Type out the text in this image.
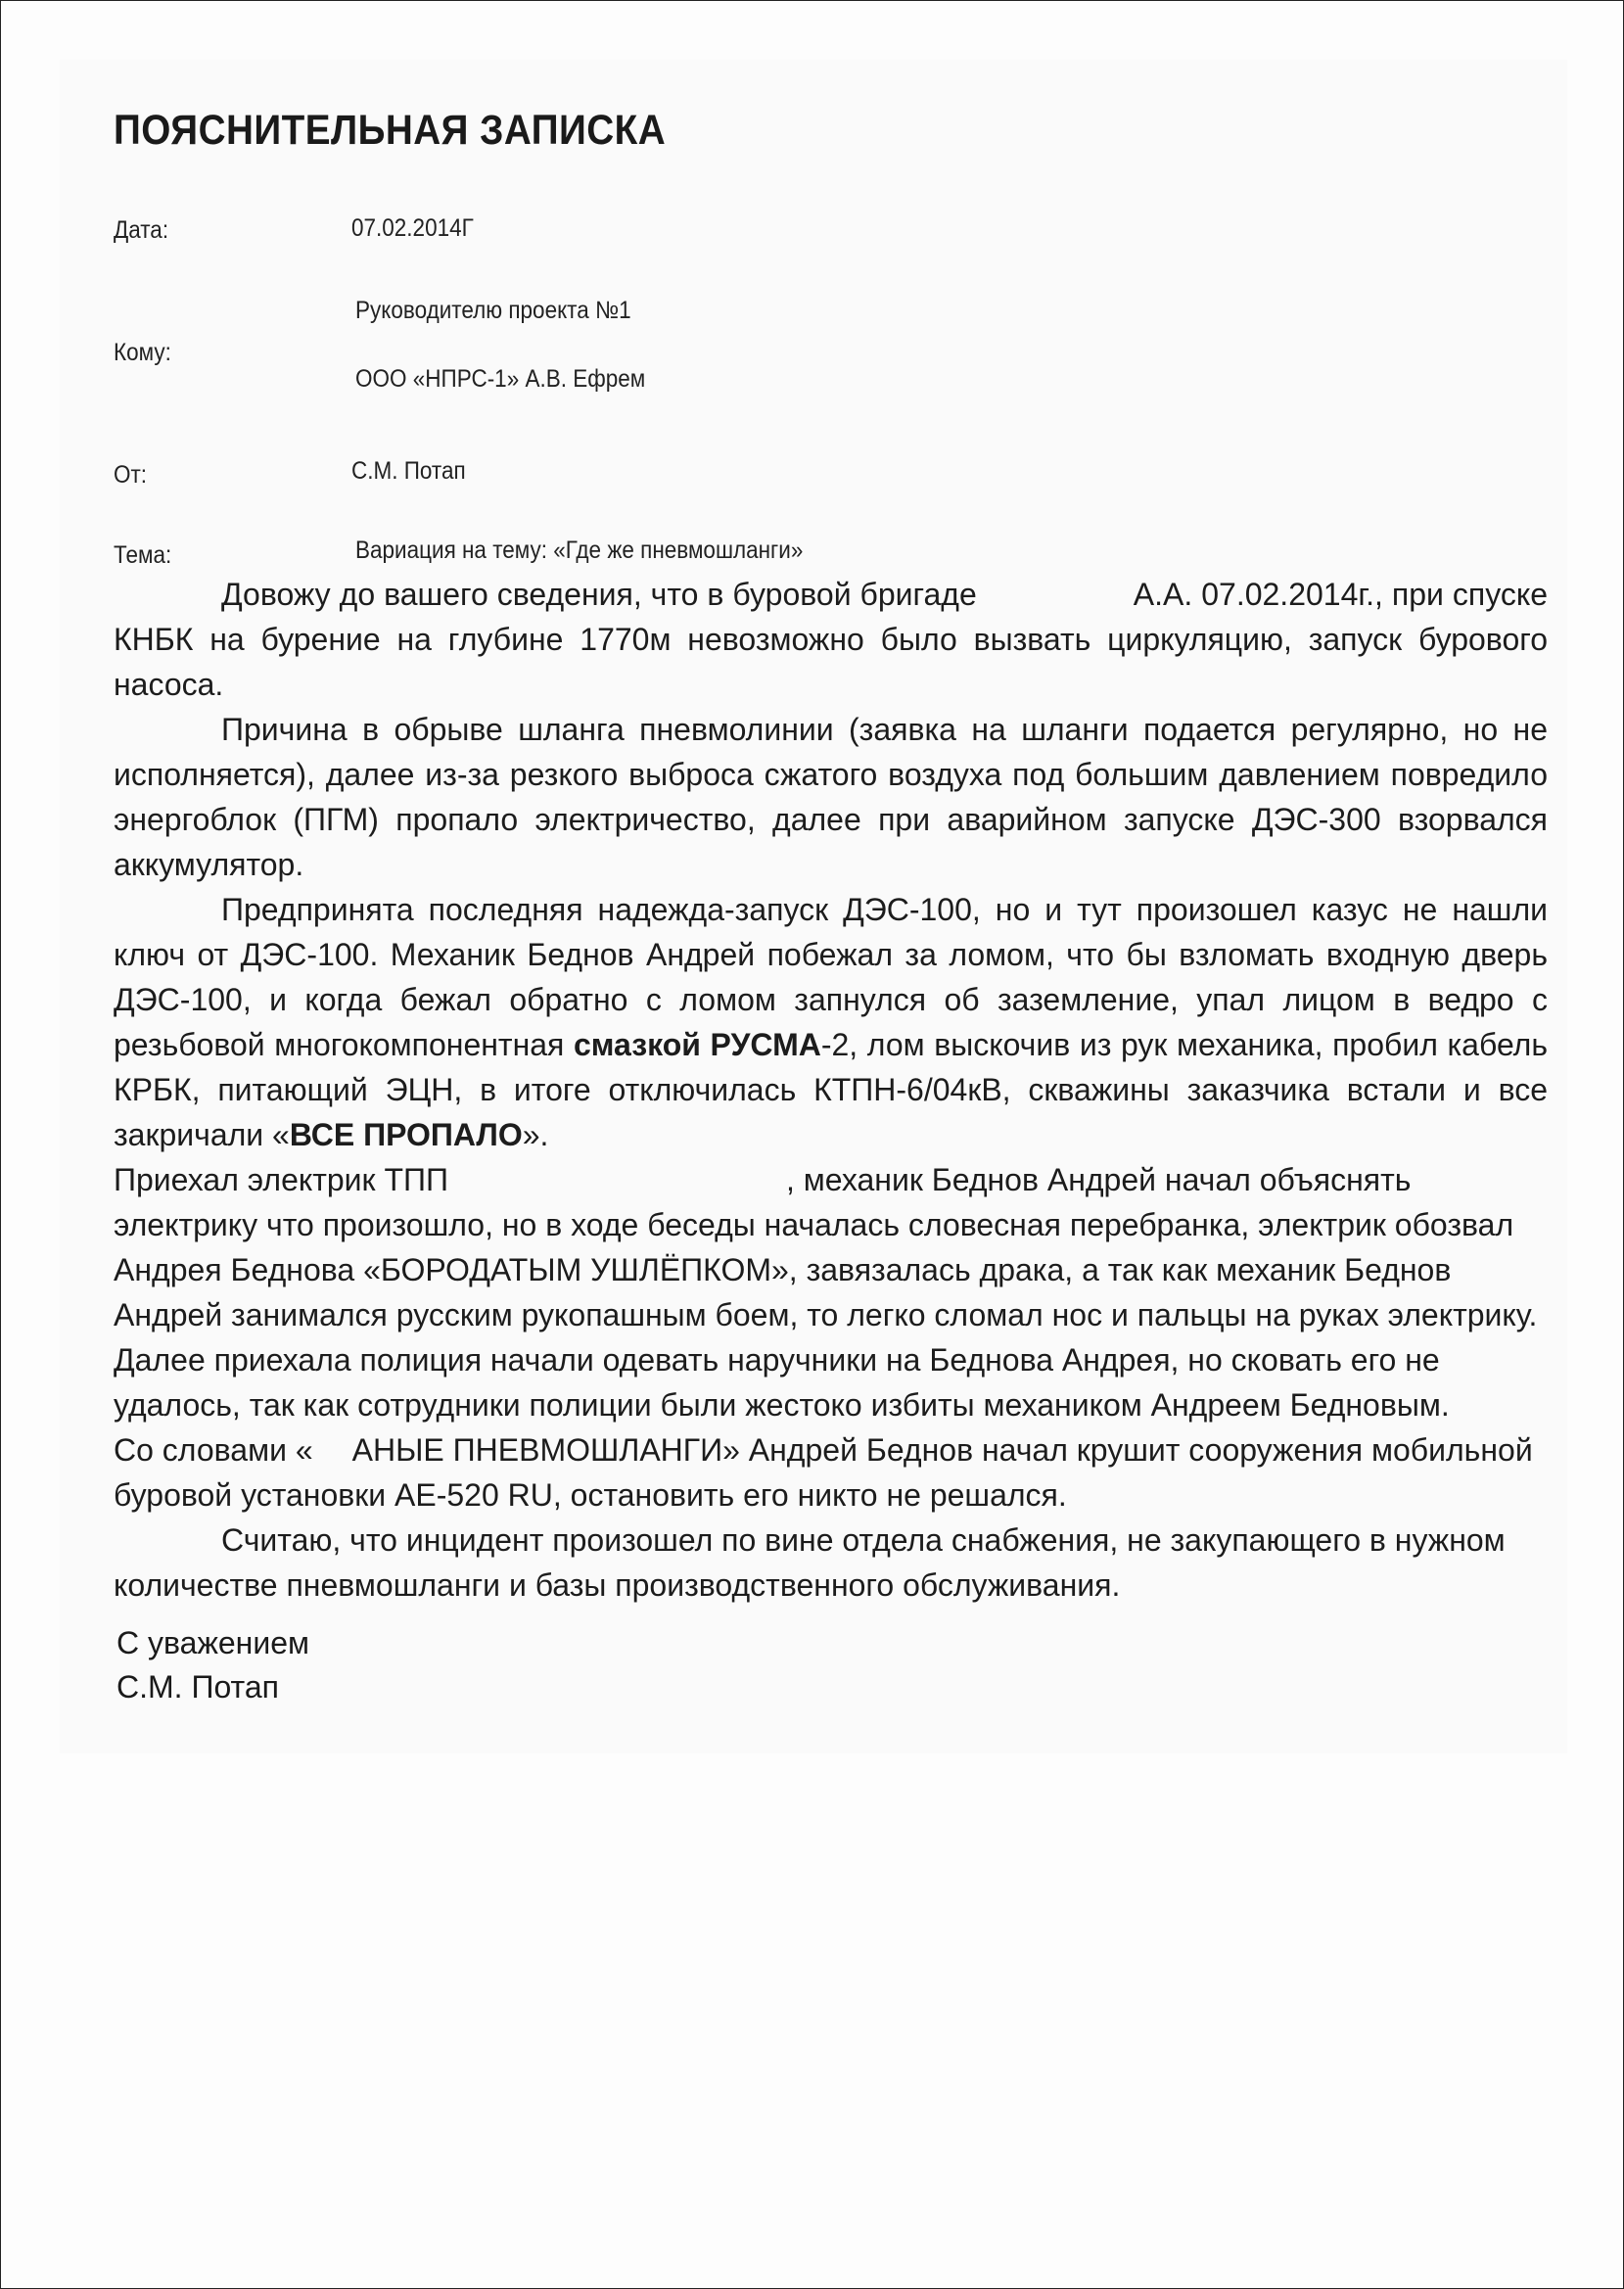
ПОЯСНИТЕЛЬНАЯ ЗАПИСКА
Дата:	07.02.2014Г
Кому:
Руководителю проекта №1
ООО «НПРС-1» А.В. Ефрем
От:	С.М. Потап
Тема:	Вариация на тему: «Где же пневмошланги»

Довожу до вашего сведения, что в буровой бригаде	А.А. 07.02.2014г., при спуске КНБК на бурение на глубине 1770м невозможно было вызвать циркуляцию, запуск бурового насоса.

Причина в обрыве шланга пневмолинии (заявка на шланги подается регулярно, но не исполняется), далее из-за резкого выброса сжатого воздуха под большим давлением повредило энергоблок (ПГМ) пропало электричество, далее при аварийном запуске ДЭС-300 взорвался аккумулятор.

Предпринята последняя надежда-запуск ДЭС-100, но и тут произошел казус не нашли ключ от ДЭС-100. Механик Беднов Андрей побежал за ломом, что бы взломать входную дверь ДЭС-100, и когда бежал обратно с ломом запнулся об заземление, упал лицом в ведро с резьбовой многокомпонентная смазкой РУСМА-2, лом выскочив из рук механика, пробил кабель КРБК, питающий ЭЦН, в итоге отключилась КТПН-6/04кВ, скважины заказчика встали и все закричали «ВСЕ ПРОПАЛО».

Приехал электрик ТПП	, механик Беднов Андрей начал объяснять электрику что произошло, но в ходе беседы началась словесная перебранка, электрик обозвал Андрея Беднова «БОРОДАТЫМ УШЛЁПКОМ», завязалась драка, а так как механик Беднов Андрей занимался русским рукопашным боем, то легко сломал нос и пальцы на руках электрику.

Далее приехала полиция начали одевать наручники на Беднова Андрея, но сковать его не удалось, так как сотрудники полиции были жестоко избиты механиком Андреем Бедновым.

Со словами « АНЫЕ ПНЕВМОШЛАНГИ» Андрей Беднов начал крушит сооружения мобильной буровой установки АЕ-520 RU, остановить его никто не решался.

Считаю, что инцидент произошел по вине отдела снабжения, не закупающего в нужном количестве пневмошланги и базы производственного обслуживания.

С уважением
С.М. Потап
